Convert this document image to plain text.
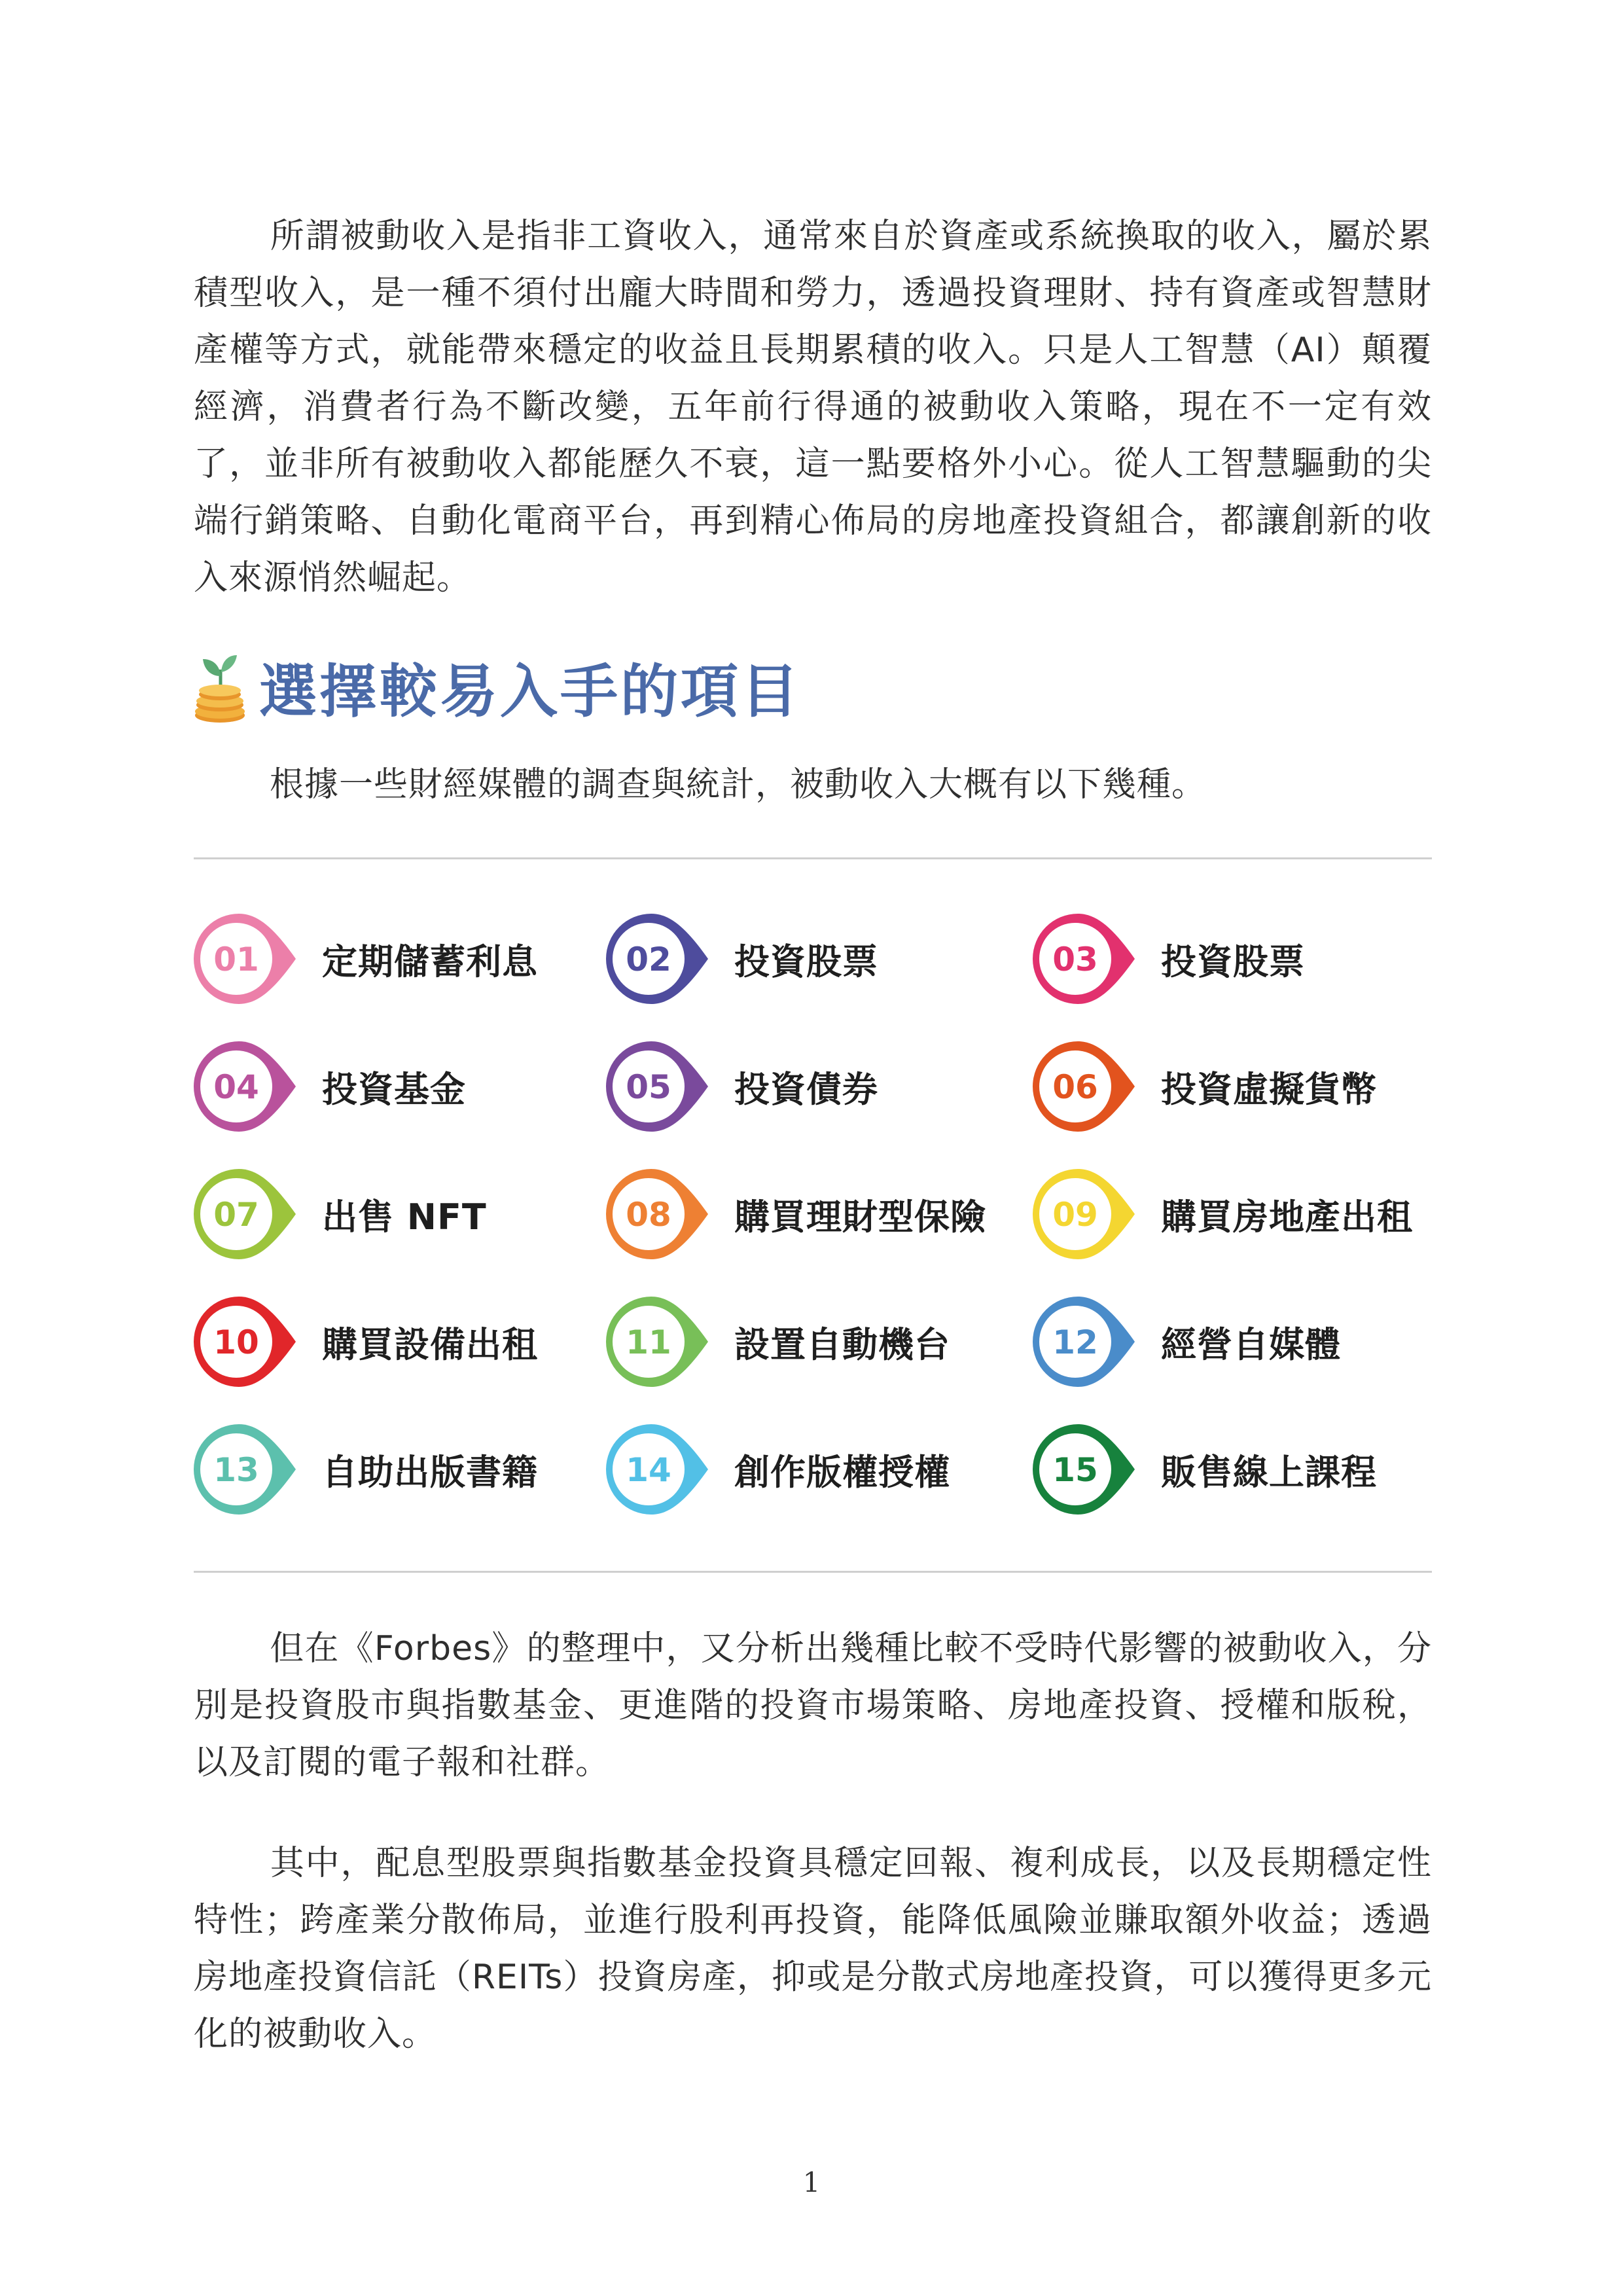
所謂被動收入是指非工資收入，通常來自於資產或系統換取的收入，屬於累積型收入，是一種不須付出龐大時間和勞力，透過投資理財、持有資產或智慧財產權等方式，就能帶來穩定的收益且長期累積的收入。只是人工智慧（AI）顛覆經濟，消費者行為不斷改變，五年前行得通的被動收入策略，現在不一定有效了，並非所有被動收入都能歷久不衰，這一點要格外小心。從人工智慧驅動的尖端行銷策略、自動化電商平台，再到精心佈局的房地產投資組合，都讓創新的收入來源悄然崛起。

選擇較易入手的項目

根據一些財經媒體的調查與統計，被動收入大概有以下幾種。

01 定期儲蓄利息	02 投資股票	03 投資股票
04 投資基金	05 投資債券	06 投資虛擬貨幣
07 出售 NFT	08 購買理財型保險 09 購買房地產出租
10 購買設備出租	11 設置自動機台	12 經營自媒體
13 自助出版書籍	14 創作版權授權	15 販售線上課程

但在《Forbes》的整理中，又分析出幾種比較不受時代影響的被動收入，分別是投資股市與指數基金、更進階的投資市場策略、房地產投資、授權和版稅，以及訂閱的電子報和社群。

其中，配息型股票與指數基金投資具穩定回報、複利成長，以及長期穩定性特性；跨產業分散佈局，並進行股利再投資，能降低風險並賺取額外收益；透過房地產投資信託（REITs）投資房產，抑或是分散式房地產投資，可以獲得更多元化的被動收入。

1
